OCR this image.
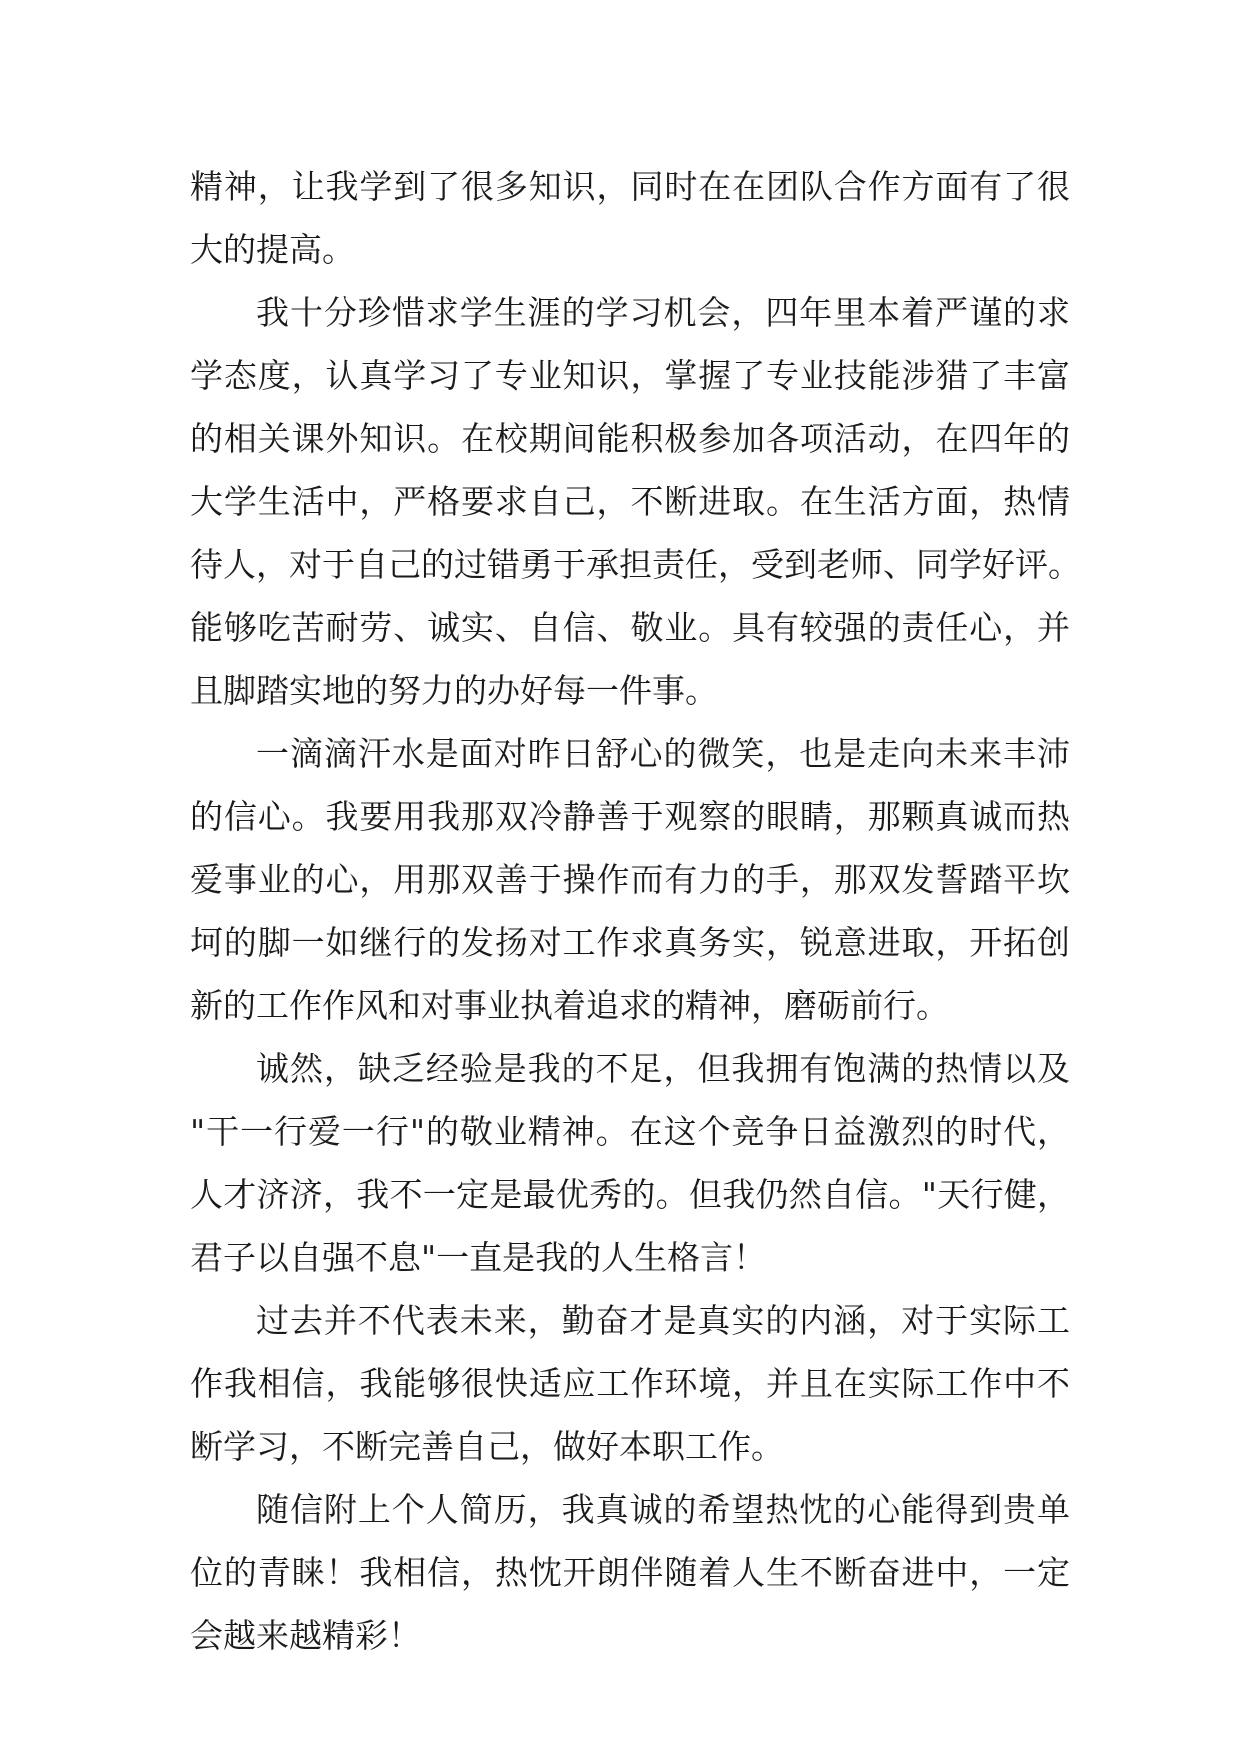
精神，让我学到了很多知识，同时在在团队合作方面有了很
大的提高。
我十分珍惜求学生涯的学习机会，四年里本着严谨的求
学态度，认真学习了专业知识，掌握了专业技能涉猎了丰富
的相关课外知识。在校期间能积极参加各项活动，在四年的
大学生活中，严格要求自己，不断进取。在生活方面，热情
待人，对于自己的过错勇于承担责任，受到老师、同学好评。
能够吃苦耐劳、诚实、自信、敬业。具有较强的责任心，并
且脚踏实地的努力的办好每一件事。
一滴滴汗水是面对昨日舒心的微笑，也是走向未来丰沛
的信心。我要用我那双冷静善于观察的眼睛，那颗真诚而热
爱事业的心，用那双善于操作而有力的手，那双发誓踏平坎
坷的脚一如继行的发扬对工作求真务实，锐意进取，开拓创
新的工作作风和对事业执着追求的精神，磨砺前行。
诚然，缺乏经验是我的不足，但我拥有饱满的热情以及
"干一行爱一行"的敬业精神。在这个竞争日益激烈的时代，
人才济济，我不一定是最优秀的。但我仍然自信。"天行健，
君子以自强不息"一直是我的人生格言！
过去并不代表未来，勤奋才是真实的内涵，对于实际工
作我相信，我能够很快适应工作环境，并且在实际工作中不
断学习，不断完善自己，做好本职工作。
随信附上个人简历，我真诚的希望热忱的心能得到贵单
位的青睐！我相信，热忱开朗伴随着人生不断奋进中，一定
会越来越精彩！
